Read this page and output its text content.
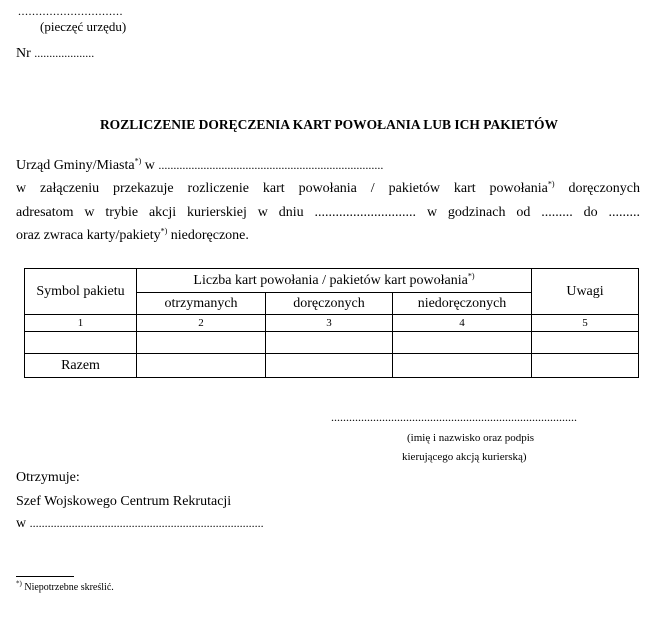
..............................
(pieczęć urzędu)
Nr ....................
ROZLICZENIE DORĘCZENIA KART POWOŁANIA LUB ICH PAKIETÓW
Urząd Gminy/Miasta*) w ...........................................................................
w załączeniu przekazuje rozliczenie kart powołania / pakietów kart powołania*) doręczonych
adresatom w trybie akcji kurierskiej w dniu ............................. w godzinach od ......... do .........
oraz zwraca karty/pakiety*) niedoręczone.
Symbol pakietu	Liczba kart powołania / pakietów kart powołania*)			Uwagi
	otrzymanych	doręczonych	niedoręczonych	
1	2	3	4	5

Razem				
..................................................................................
(imię i nazwisko oraz podpis
kierującego akcją kurierską)
Otrzymuje:
Szef Wojskowego Centrum Rekrutacji
w ..............................................................................
*) Niepotrzebne skreślić.
